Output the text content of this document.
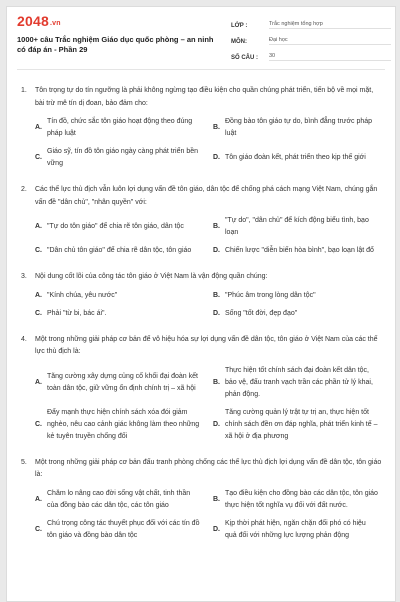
2048.vn
1000+ câu Trắc nghiệm Giáo dục quốc phòng – an ninh có đáp án - Phần 29
LỚP :	Trắc nghiệm tổng hợp
MÔN:	Đại học
SỐ CÂU :	30
1.	Tôn trọng tự do tín ngưỡng là phải không ngừng tạo điều kiện cho quần chúng phát triển, tiến bộ về mọi mặt, bài trừ mê tín dị đoan, bảo đảm cho:
A.
Tín đồ, chức sắc tôn giáo hoạt động theo đúng pháp luật
B.
Đồng bào tôn giáo tự do, bình đẳng trước pháp luật
C.
Giáo sỹ, tín đồ tôn giáo ngày càng phát triển bền vững
D. Tôn giáo đoàn kết, phát triển theo kịp thế giới
2.	Các thế lực thù địch vẫn luôn lợi dụng vấn đề tôn giáo, dân tộc để chống phá cách mạng Việt Nam, chúng gắn vấn đề "dân chủ", "nhân quyền" với:
A. "Tự do tôn giáo" để chia rẽ tôn giáo, dân tộc	B.
"Tự do", "dân chủ" để kích động biểu tình, bạo loạn
C. "Dân chủ tôn giáo" để chia rẽ dân tộc, tôn giáo	D. Chiến lược "diễn biến hòa bình", bạo loạn lật đổ
3.	Nội dung cốt lõi của công tác tôn giáo ở Việt Nam là vận động quần chúng:
A. "Kính chúa, yêu nước"	B. "Phúc âm trong lòng dân tộc"
C. Phải "từ bi, bác ái".	D. Sống "tốt đời, đẹp đạo"
4.	Một trong những giải pháp cơ bản để vô hiệu hóa sự lợi dụng vấn đề dân tộc, tôn giáo ở Việt Nam của các thế lực thù địch là:
A.
Tăng cường xây dựng củng cố khối đại đoàn kết toàn dân tộc, giữ vững ổn định chính trị – xã hội
B.
Thực hiện tốt chính sách đại đoàn kết dân tộc, bảo vệ, đấu tranh vạch trần các phần tử lý khai, phản động.
C.
Đẩy mạnh thực hiện chính sách xóa đói giảm nghèo, nêu cao cảnh giác không làm theo những kẻ tuyên truyền chống đối
D.
Tăng cường quản lý trật tự trị an, thực hiện tốt chính sách đền ơn đáp nghĩa, phát triển kinh tế – xã hội ở địa phương
5.	Một trong những giải pháp cơ bản đấu tranh phòng chống các thế lực thù địch lợi dụng vấn đề dân tộc, tôn giáo là:
A.
Chăm lo nâng cao đời sống vật chất, tinh thần của đồng bào các dân tộc, các tôn giáo
B.
Tạo điều kiện cho đồng bào các dân tộc, tôn giáo thực hiện tốt nghĩa vụ đối với đất nước.
C.
Chú trọng công tác thuyết phục đối với các tín đồ tôn giáo và đồng bào dân tộc
D.
Kịp thời phát hiện, ngăn chặn đối phó có hiệu quả đối với những lực lượng phản động
